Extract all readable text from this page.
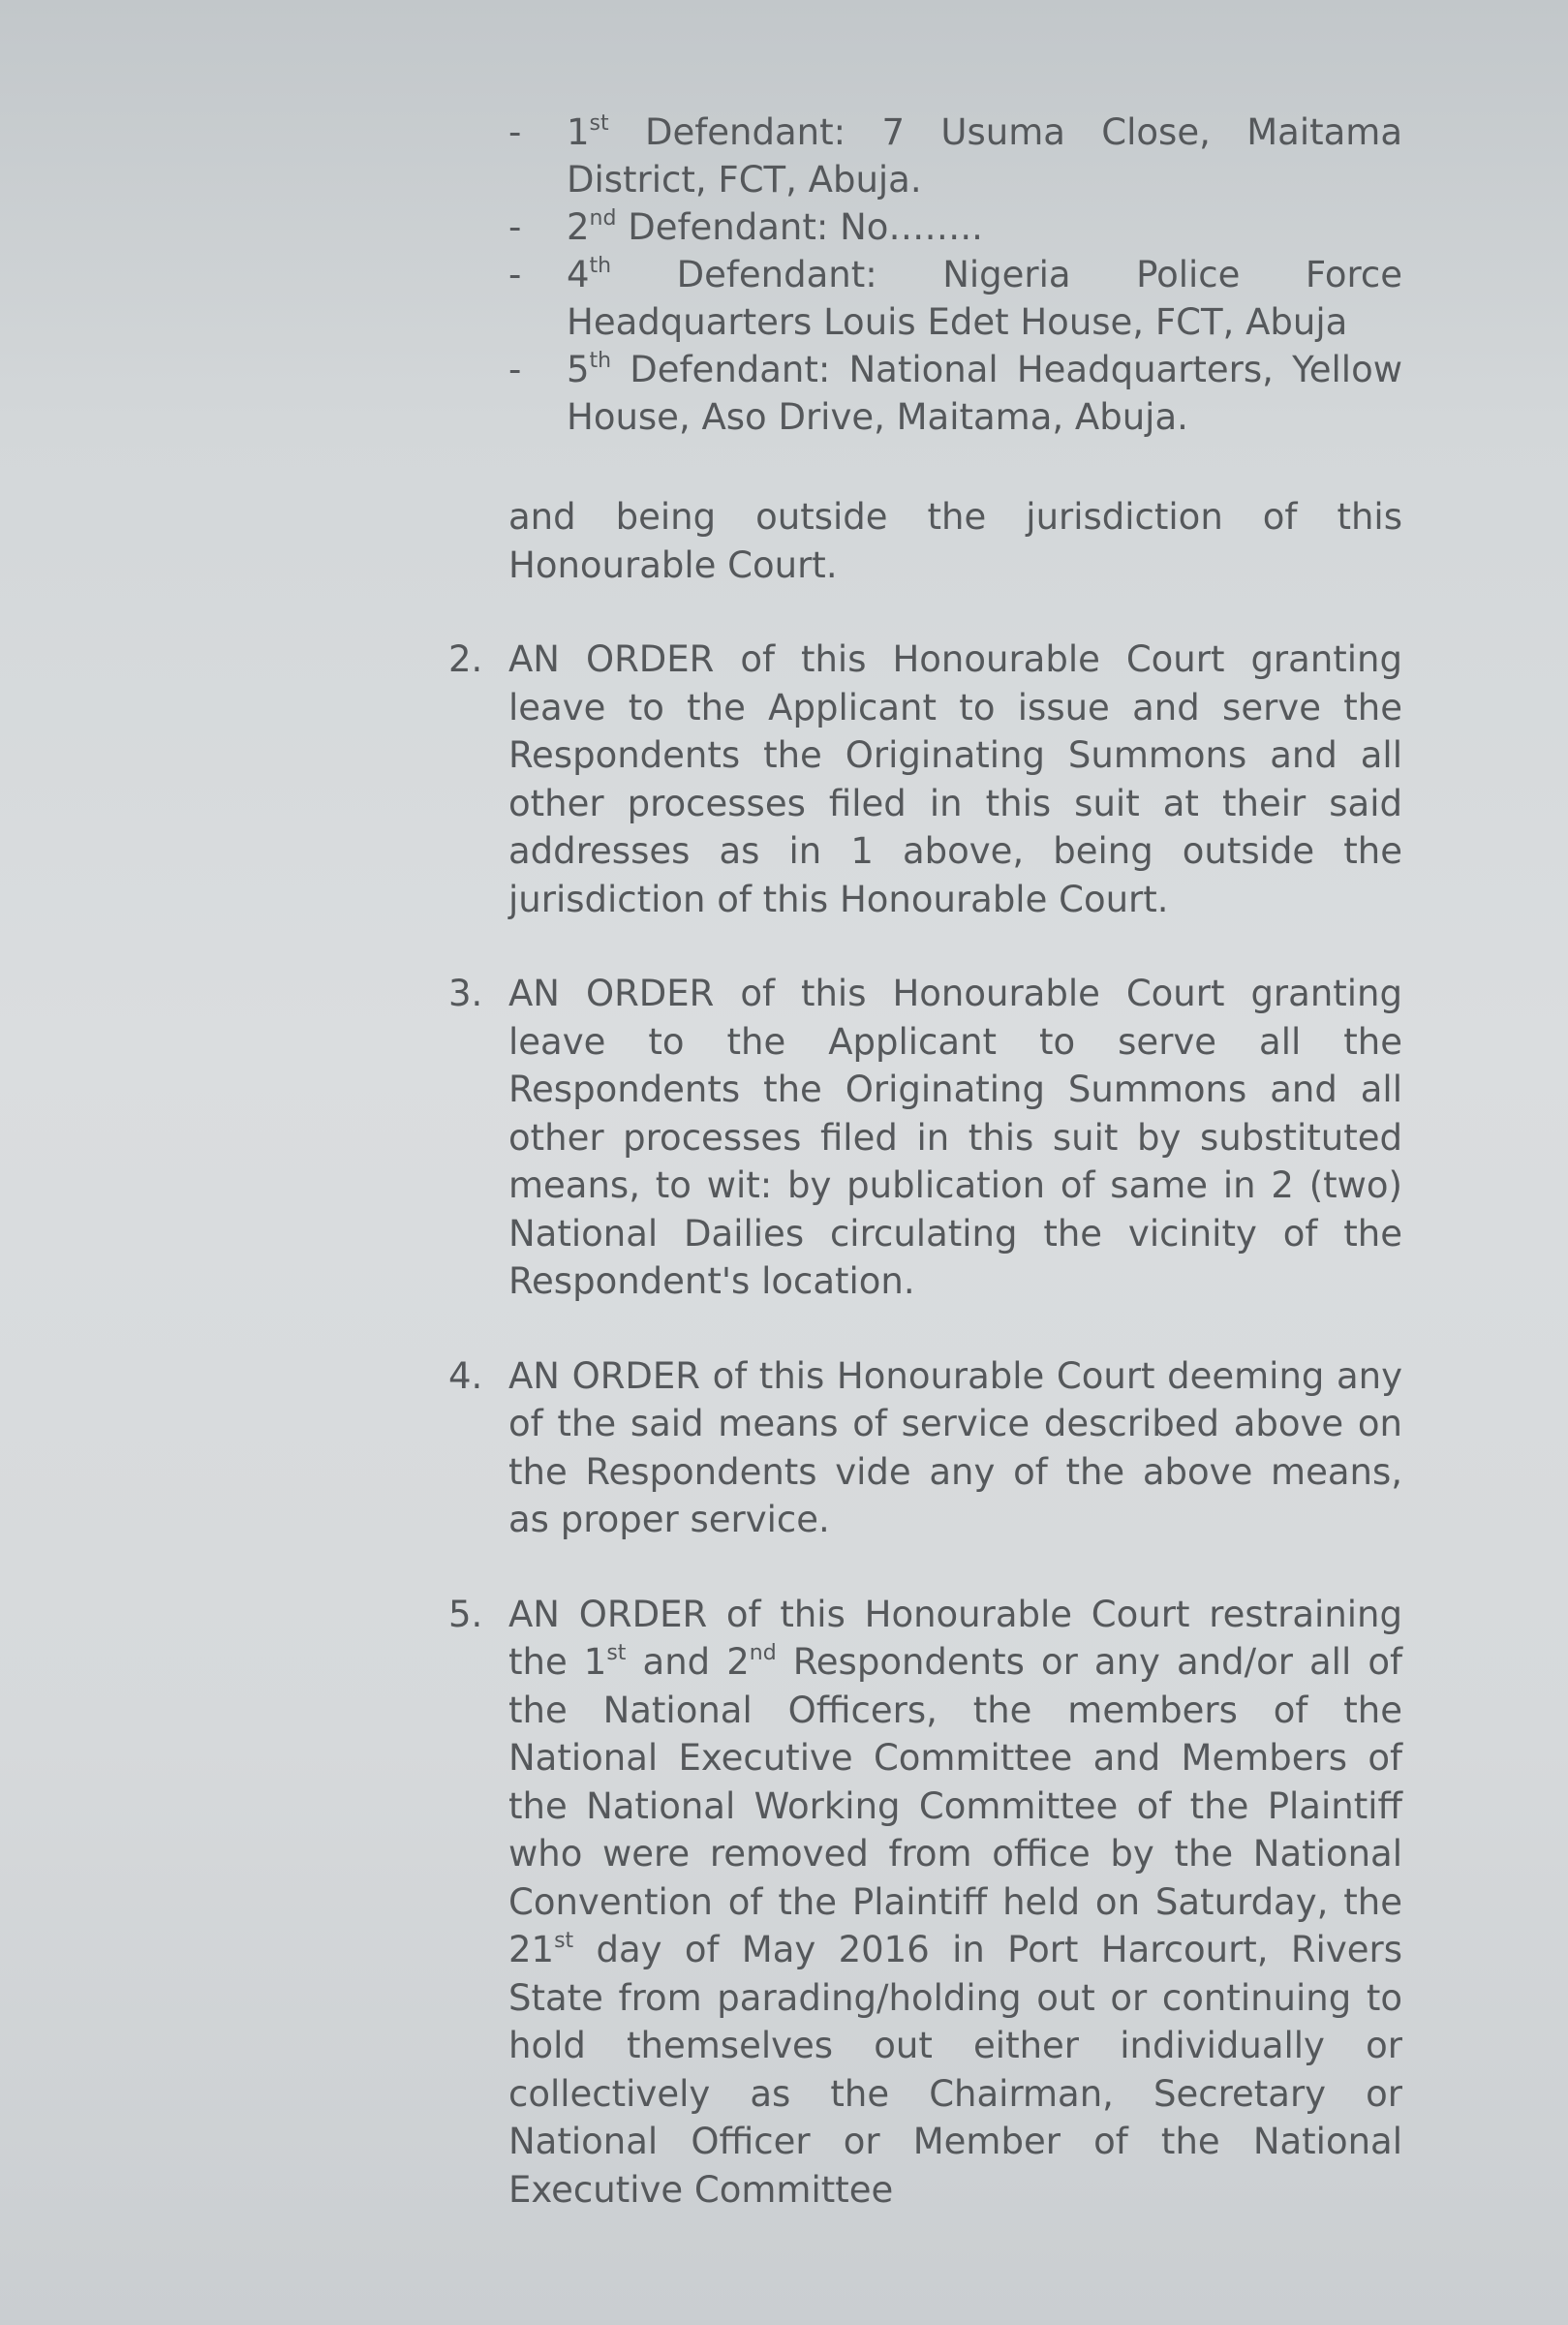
- 1st Defendant: 7 Usuma Close, Maitama District, FCT, Abuja.
- 2nd Defendant: No……..
- 4th Defendant: Nigeria Police Force Headquarters Louis Edet House, FCT, Abuja
- 5th Defendant: National Headquarters, Yellow House, Aso Drive, Maitama, Abuja.

and being outside the jurisdiction of this Honourable Court.

2. AN ORDER of this Honourable Court granting leave to the Applicant to issue and serve the Respondents the Originating Summons and all other processes filed in this suit at their said addresses as in 1 above, being outside the jurisdiction of this Honourable Court.

3. AN ORDER of this Honourable Court granting leave to the Applicant to serve all the Respondents the Originating Summons and all other processes filed in this suit by substituted means, to wit: by publication of same in 2 (two) National Dailies circulating the vicinity of the Respondent's location.

4. AN ORDER of this Honourable Court deeming any of the said means of service described above on the Respondents vide any of the above means, as proper service.

5. AN ORDER of this Honourable Court restraining the 1st and 2nd Respondents or any and/or all of the National Officers, the members of the National Executive Committee and Members of the National Working Committee of the Plaintiff who were removed from office by the National Convention of the Plaintiff held on Saturday, the 21st day of May 2016 in Port Harcourt, Rivers State from parading/holding out or continuing to hold themselves out either individually or collectively as the Chairman, Secretary or National Officer or Member of the National Executive Committee
